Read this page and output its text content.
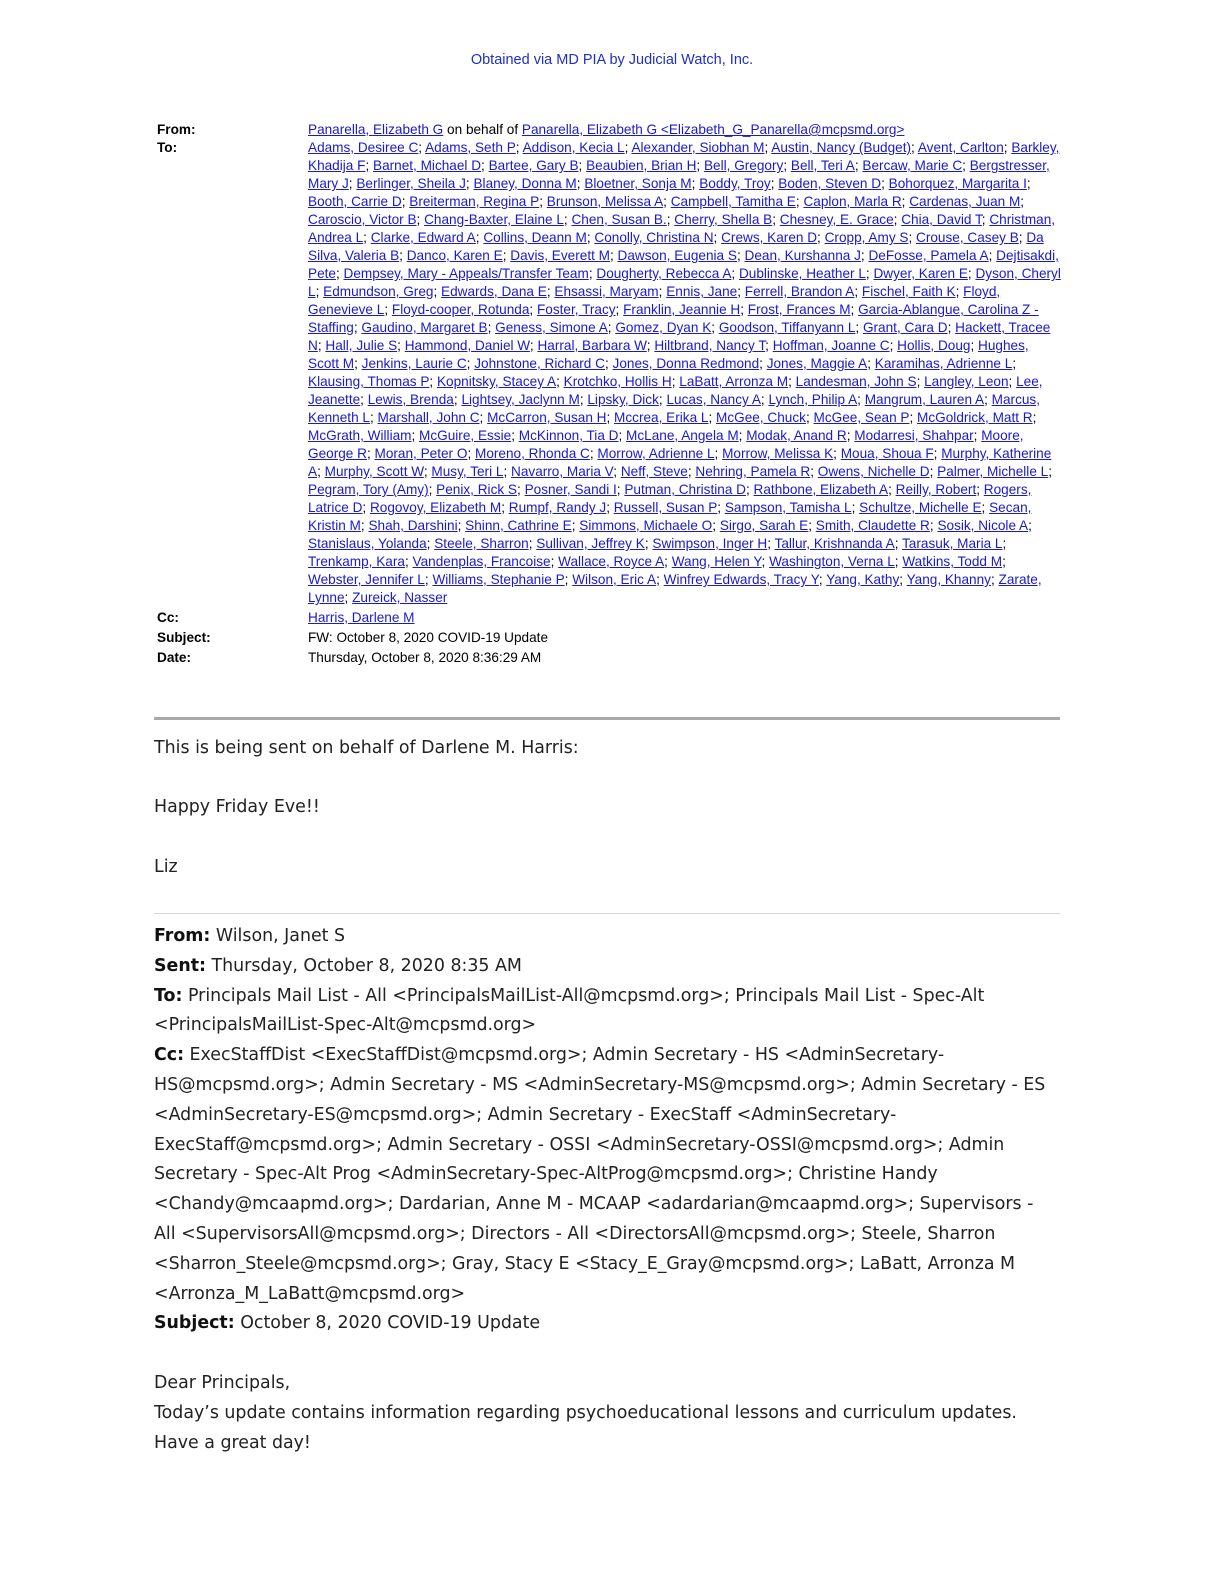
Obtained via MD PIA by Judicial Watch, Inc.
From:	Panarella, Elizabeth G on behalf of Panarella, Elizabeth G <Elizabeth_G_Panarella@mcpsmd.org>
To:	Adams, Desiree C; Adams, Seth P; Addison, Kecia L; Alexander, Siobhan M; Austin, Nancy (Budget); Avent, Carlton; Barkley, Khadija F; Barnet, Michael D; Bartee, Gary B; Beaubien, Brian H; Bell, Gregory; Bell, Teri A; Bercaw, Marie C; Bergstresser, Mary J; Berlinger, Sheila J; Blaney, Donna M; Bloetner, Sonja M; Boddy, Troy; Boden, Steven D; Bohorquez, Margarita I; Booth, Carrie D; Breiterman, Regina P; Brunson, Melissa A; Campbell, Tamitha E; Caplon, Marla R; Cardenas, Juan M; Caroscio, Victor B; Chang-Baxter, Elaine L; Chen, Susan B.; Cherry, Shella B; Chesney, E. Grace; Chia, David T; Christman, Andrea L; Clarke, Edward A; Collins, Deann M; Conolly, Christina N; Crews, Karen D; Cropp, Amy S; Crouse, Casey B; Da Silva, Valeria B; Danco, Karen E; Davis, Everett M; Dawson, Eugenia S; Dean, Kurshanna J; DeFosse, Pamela A; Dejtisakdi, Pete; Dempsey, Mary - Appeals/Transfer Team; Dougherty, Rebecca A; Dublinske, Heather L; Dwyer, Karen E; Dyson, Cheryl L; Edmundson, Greg; Edwards, Dana E; Ehsassi, Maryam; Ennis, Jane; Ferrell, Brandon A; Fischel, Faith K; Floyd, Genevieve L; Floyd-cooper, Rotunda; Foster, Tracy; Franklin, Jeannie H; Frost, Frances M; Garcia-Ablangue, Carolina Z - Staffing; Gaudino, Margaret B; Geness, Simone A; Gomez, Dyan K; Goodson, Tiffanyann L; Grant, Cara D; Hackett, Tracee N; Hall, Julie S; Hammond, Daniel W; Harral, Barbara W; Hiltbrand, Nancy T; Hoffman, Joanne C; Hollis, Doug; Hughes, Scott M; Jenkins, Laurie C; Johnstone, Richard C; Jones, Donna Redmond; Jones, Maggie A; Karamihas, Adrienne L; Klausing, Thomas P; Kopnitsky, Stacey A; Krotchko, Hollis H; LaBatt, Arronza M; Landesman, John S; Langley, Leon; Lee, Jeanette; Lewis, Brenda; Lightsey, Jaclynn M; Lipsky, Dick; Lucas, Nancy A; Lynch, Philip A; Mangrum, Lauren A; Marcus, Kenneth L; Marshall, John C; McCarron, Susan H; Mccrea, Erika L; McGee, Chuck; McGee, Sean P; McGoldrick, Matt R; McGrath, William; McGuire, Essie; McKinnon, Tia D; McLane, Angela M; Modak, Anand R; Modarresi, Shahpar; Moore, George R; Moran, Peter O; Moreno, Rhonda C; Morrow, Adrienne L; Morrow, Melissa K; Moua, Shoua F; Murphy, Katherine A; Murphy, Scott W; Musy, Teri L; Navarro, Maria V; Neff, Steve; Nehring, Pamela R; Owens, Nichelle D; Palmer, Michelle L; Pegram, Tory (Amy); Penix, Rick S; Posner, Sandi I; Putman, Christina D; Rathbone, Elizabeth A; Reilly, Robert; Rogers, Latrice D; Rogovoy, Elizabeth M; Rumpf, Randy J; Russell, Susan P; Sampson, Tamisha L; Schultze, Michelle E; Secan, Kristin M; Shah, Darshini; Shinn, Cathrine E; Simmons, Michaele O; Sirgo, Sarah E; Smith, Claudette R; Sosik, Nicole A; Stanislaus, Yolanda; Steele, Sharron; Sullivan, Jeffrey K; Swimpson, Inger H; Tallur, Krishnanda A; Tarasuk, Maria L; Trenkamp, Kara; Vandenplas, Francoise; Wallace, Royce A; Wang, Helen Y; Washington, Verna L; Watkins, Todd M; Webster, Jennifer L; Williams, Stephanie P; Wilson, Eric A; Winfrey Edwards, Tracy Y; Yang, Kathy; Yang, Khanny; Zarate, Lynne; Zureick, Nasser
Cc:	Harris, Darlene M
Subject:	FW: October 8, 2020 COVID-19 Update
Date:	Thursday, October 8, 2020 8:36:29 AM
This is being sent on behalf of Darlene M. Harris:
Happy Friday Eve!!
Liz

From: Wilson, Janet S

Sent: Thursday, October 8, 2020 8:35 AM

To: Principals Mail List - All <PrincipalsMailList-All@mcpsmd.org>; Principals Mail List - Spec-Alt <PrincipalsMailList-Spec-Alt@mcpsmd.org>

Cc: ExecStaffDist <ExecStaffDist@mcpsmd.org>; Admin Secretary - HS <AdminSecretary-HS@mcpsmd.org>; Admin Secretary - MS <AdminSecretary-MS@mcpsmd.org>; Admin Secretary - ES <AdminSecretary-ES@mcpsmd.org>; Admin Secretary - ExecStaff <AdminSecretary-ExecStaff@mcpsmd.org>; Admin Secretary - OSSI <AdminSecretary-OSSI@mcpsmd.org>; Admin Secretary - Spec-Alt Prog <AdminSecretary-Spec-AltProg@mcpsmd.org>; Christine Handy <Chandy@mcaapmd.org>; Dardarian, Anne M - MCAAP <adardarian@mcaapmd.org>; Supervisors - All <SupervisorsAll@mcpsmd.org>; Directors - All <DirectorsAll@mcpsmd.org>; Steele, Sharron <Sharron_Steele@mcpsmd.org>; Gray, Stacy E <Stacy_E_Gray@mcpsmd.org>; LaBatt, Arronza M <Arronza_M_LaBatt@mcpsmd.org>

Subject: October 8, 2020 COVID-19 Update

Dear Principals,

Today’s update contains information regarding psychoeducational lessons and curriculum updates.

Have a great day!
